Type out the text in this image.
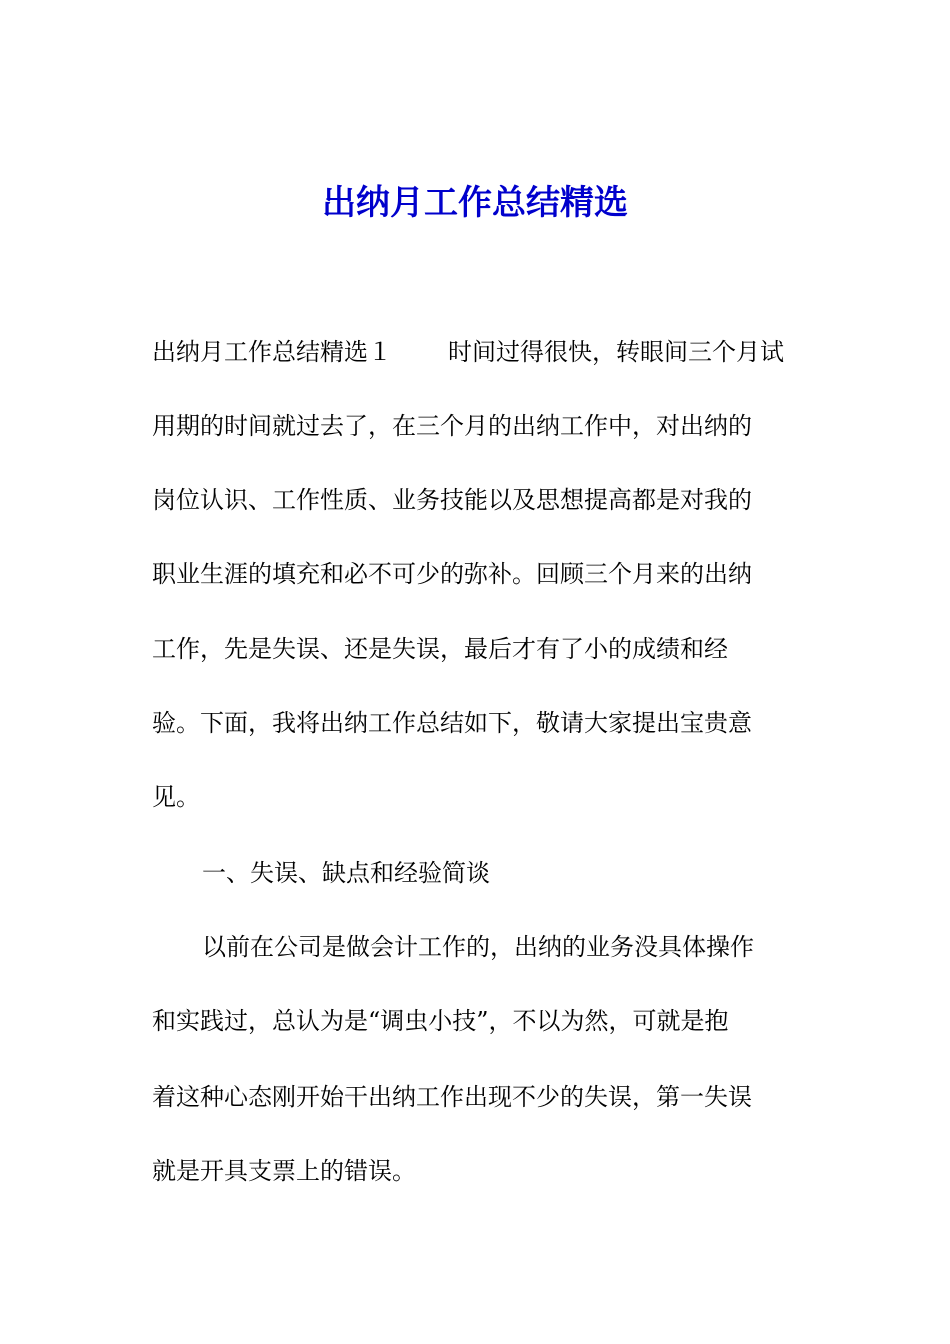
出纳月工作总结精选

出纳月工作总结精选１ 时间过得很快，转眼间三个月试

用期的时间就过去了，在三个月的出纳工作中，对出纳的

岗位认识、工作性质、业务技能以及思想提高都是对我的

职业生涯的填充和必不可少的弥补。回顾三个月来的出纳

工作，先是失误、还是失误，最后才有了小的成绩和经

验。下面，我将出纳工作总结如下，敬请大家提出宝贵意

见。

一、失误、缺点和经验简谈

以前在公司是做会计工作的，出纳的业务没具体操作

和实践过，总认为是“调虫小技”，不以为然，可就是抱

着这种心态刚开始干出纳工作出现不少的失误，第一失误

就是开具支票上的错误。
